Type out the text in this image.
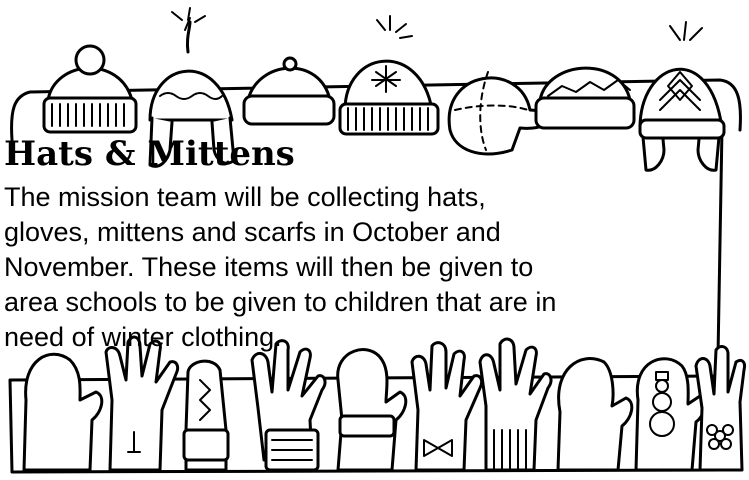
Hats & Mittens
The mission team will be collecting hats,
gloves, mittens and scarfs in October and
November. These items will then be given to
area schools to be given to children that are in
need of winter clothing.
